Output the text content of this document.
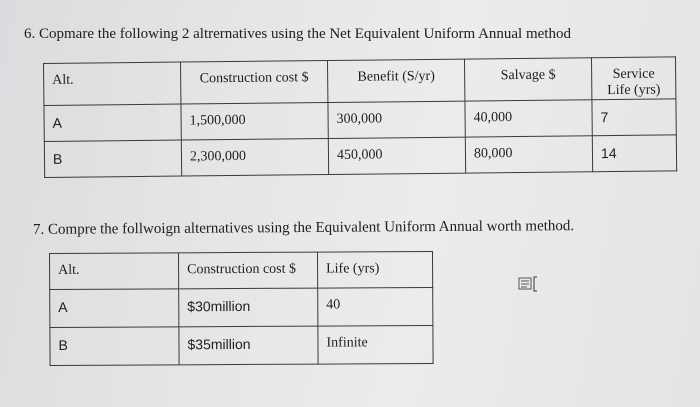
6. Copmare the following 2 altrernatives using the Net Equivalent Uniform Annual method
Alt.	Construction cost $	Benefit (S/yr)	Salvage $	Service Life (yrs)
A	1,500,000	300,000	40,000	7
B	2,300,000	450,000	80,000	14
7. Compre the follwoign alternatives using the Equivalent Uniform Annual worth method.
Alt.	Construction cost $	Life (yrs)
A	$30million	40
B	$35million	Infinite
